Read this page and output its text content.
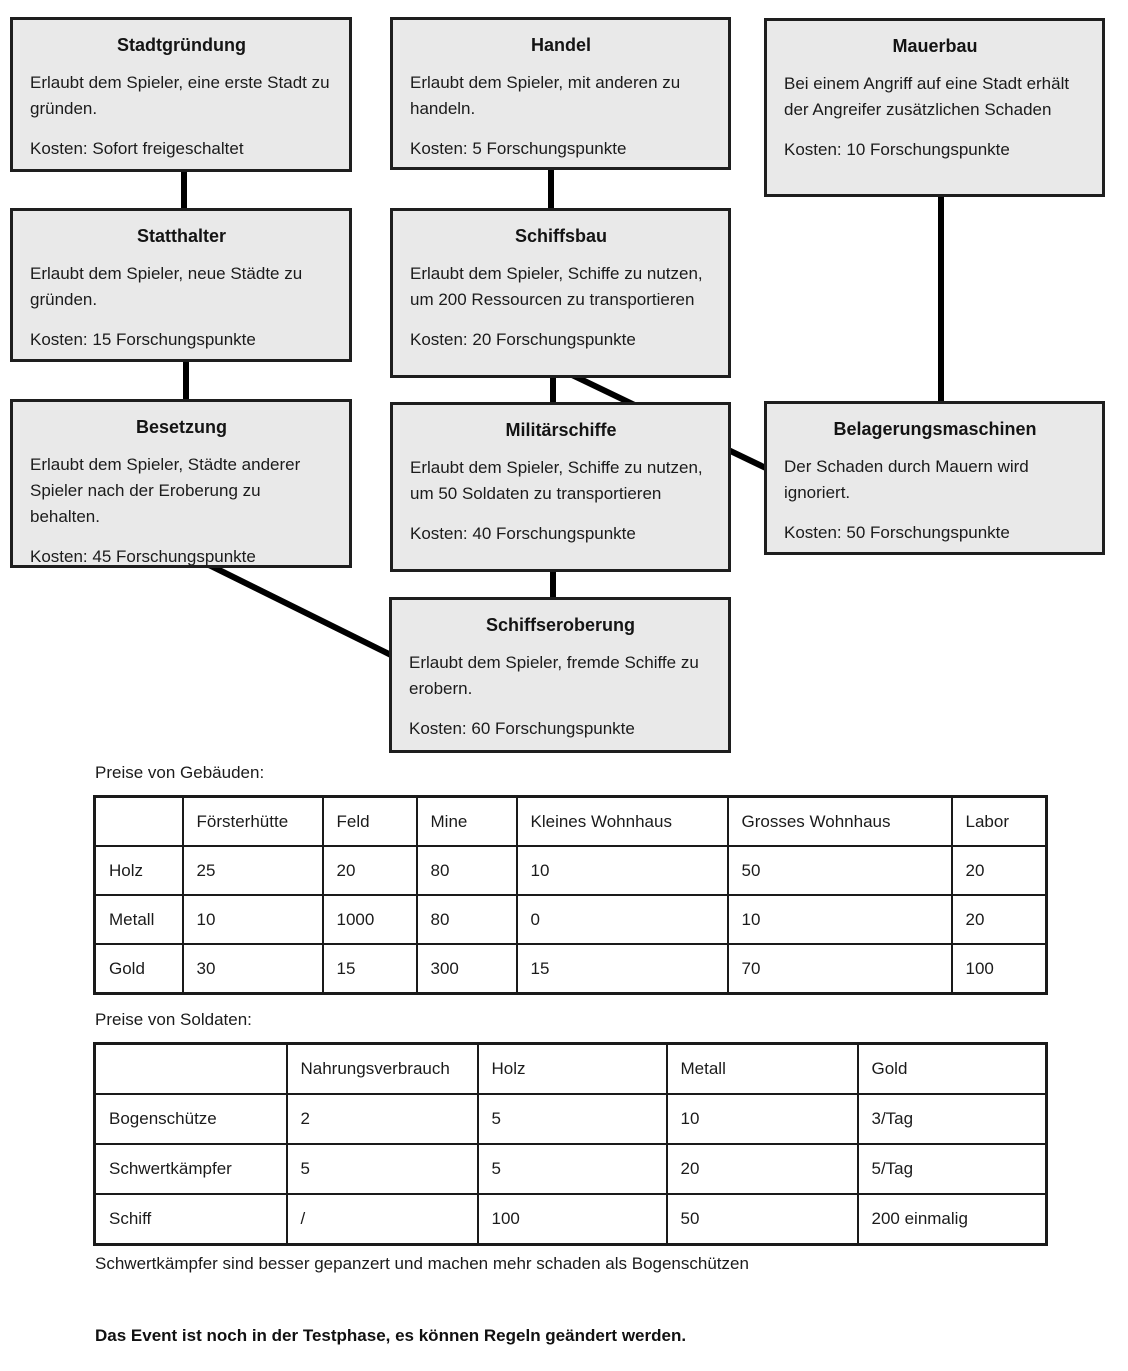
Stadtgründung

Erlaubt dem Spieler, eine erste Stadt zu gründen.

Kosten: Sofort freigeschaltet

Handel

Erlaubt dem Spieler, mit anderen zu handeln.

Kosten: 5 Forschungspunkte

Mauerbau

Bei einem Angriff auf eine Stadt erhält der Angreifer zusätzlichen Schaden

Kosten: 10 Forschungspunkte

Statthalter

Erlaubt dem Spieler, neue Städte zu gründen.

Kosten: 15 Forschungspunkte

Schiffsbau

Erlaubt dem Spieler, Schiffe zu nutzen, um 200 Ressourcen zu transportieren

Kosten: 20 Forschungspunkte

Besetzung

Erlaubt dem Spieler, Städte anderer Spieler nach der Eroberung zu behalten.

Kosten: 45 Forschungspunkte

Militärschiffe

Erlaubt dem Spieler, Schiffe zu nutzen, um 50 Soldaten zu transportieren

Kosten: 40 Forschungspunkte

Belagerungsmaschinen

Der Schaden durch Mauern wird ignoriert.

Kosten: 50 Forschungspunkte

Schiffseroberung

Erlaubt dem Spieler, fremde Schiffe zu erobern.

Kosten: 60 Forschungspunkte

Preise von Gebäuden:
	Försterhütte	Feld	Mine	Kleines Wohnhaus	Grosses Wohnhaus	Labor
Holz	25	20	80	10	50	20
Metall	10	1000	80	0	10	20
Gold	30	15	300	15	70	100
Preise von Soldaten:
	Nahrungsverbrauch	Holz	Metall	Gold
Bogenschütze	2	5	10	3/Tag
Schwertkämpfer	5	5	20	5/Tag
Schiff	/	100	50	200 einmalig
Schwertkämpfer sind besser gepanzert und machen mehr schaden als Bogenschützen
Das Event ist noch in der Testphase, es können Regeln geändert werden.
